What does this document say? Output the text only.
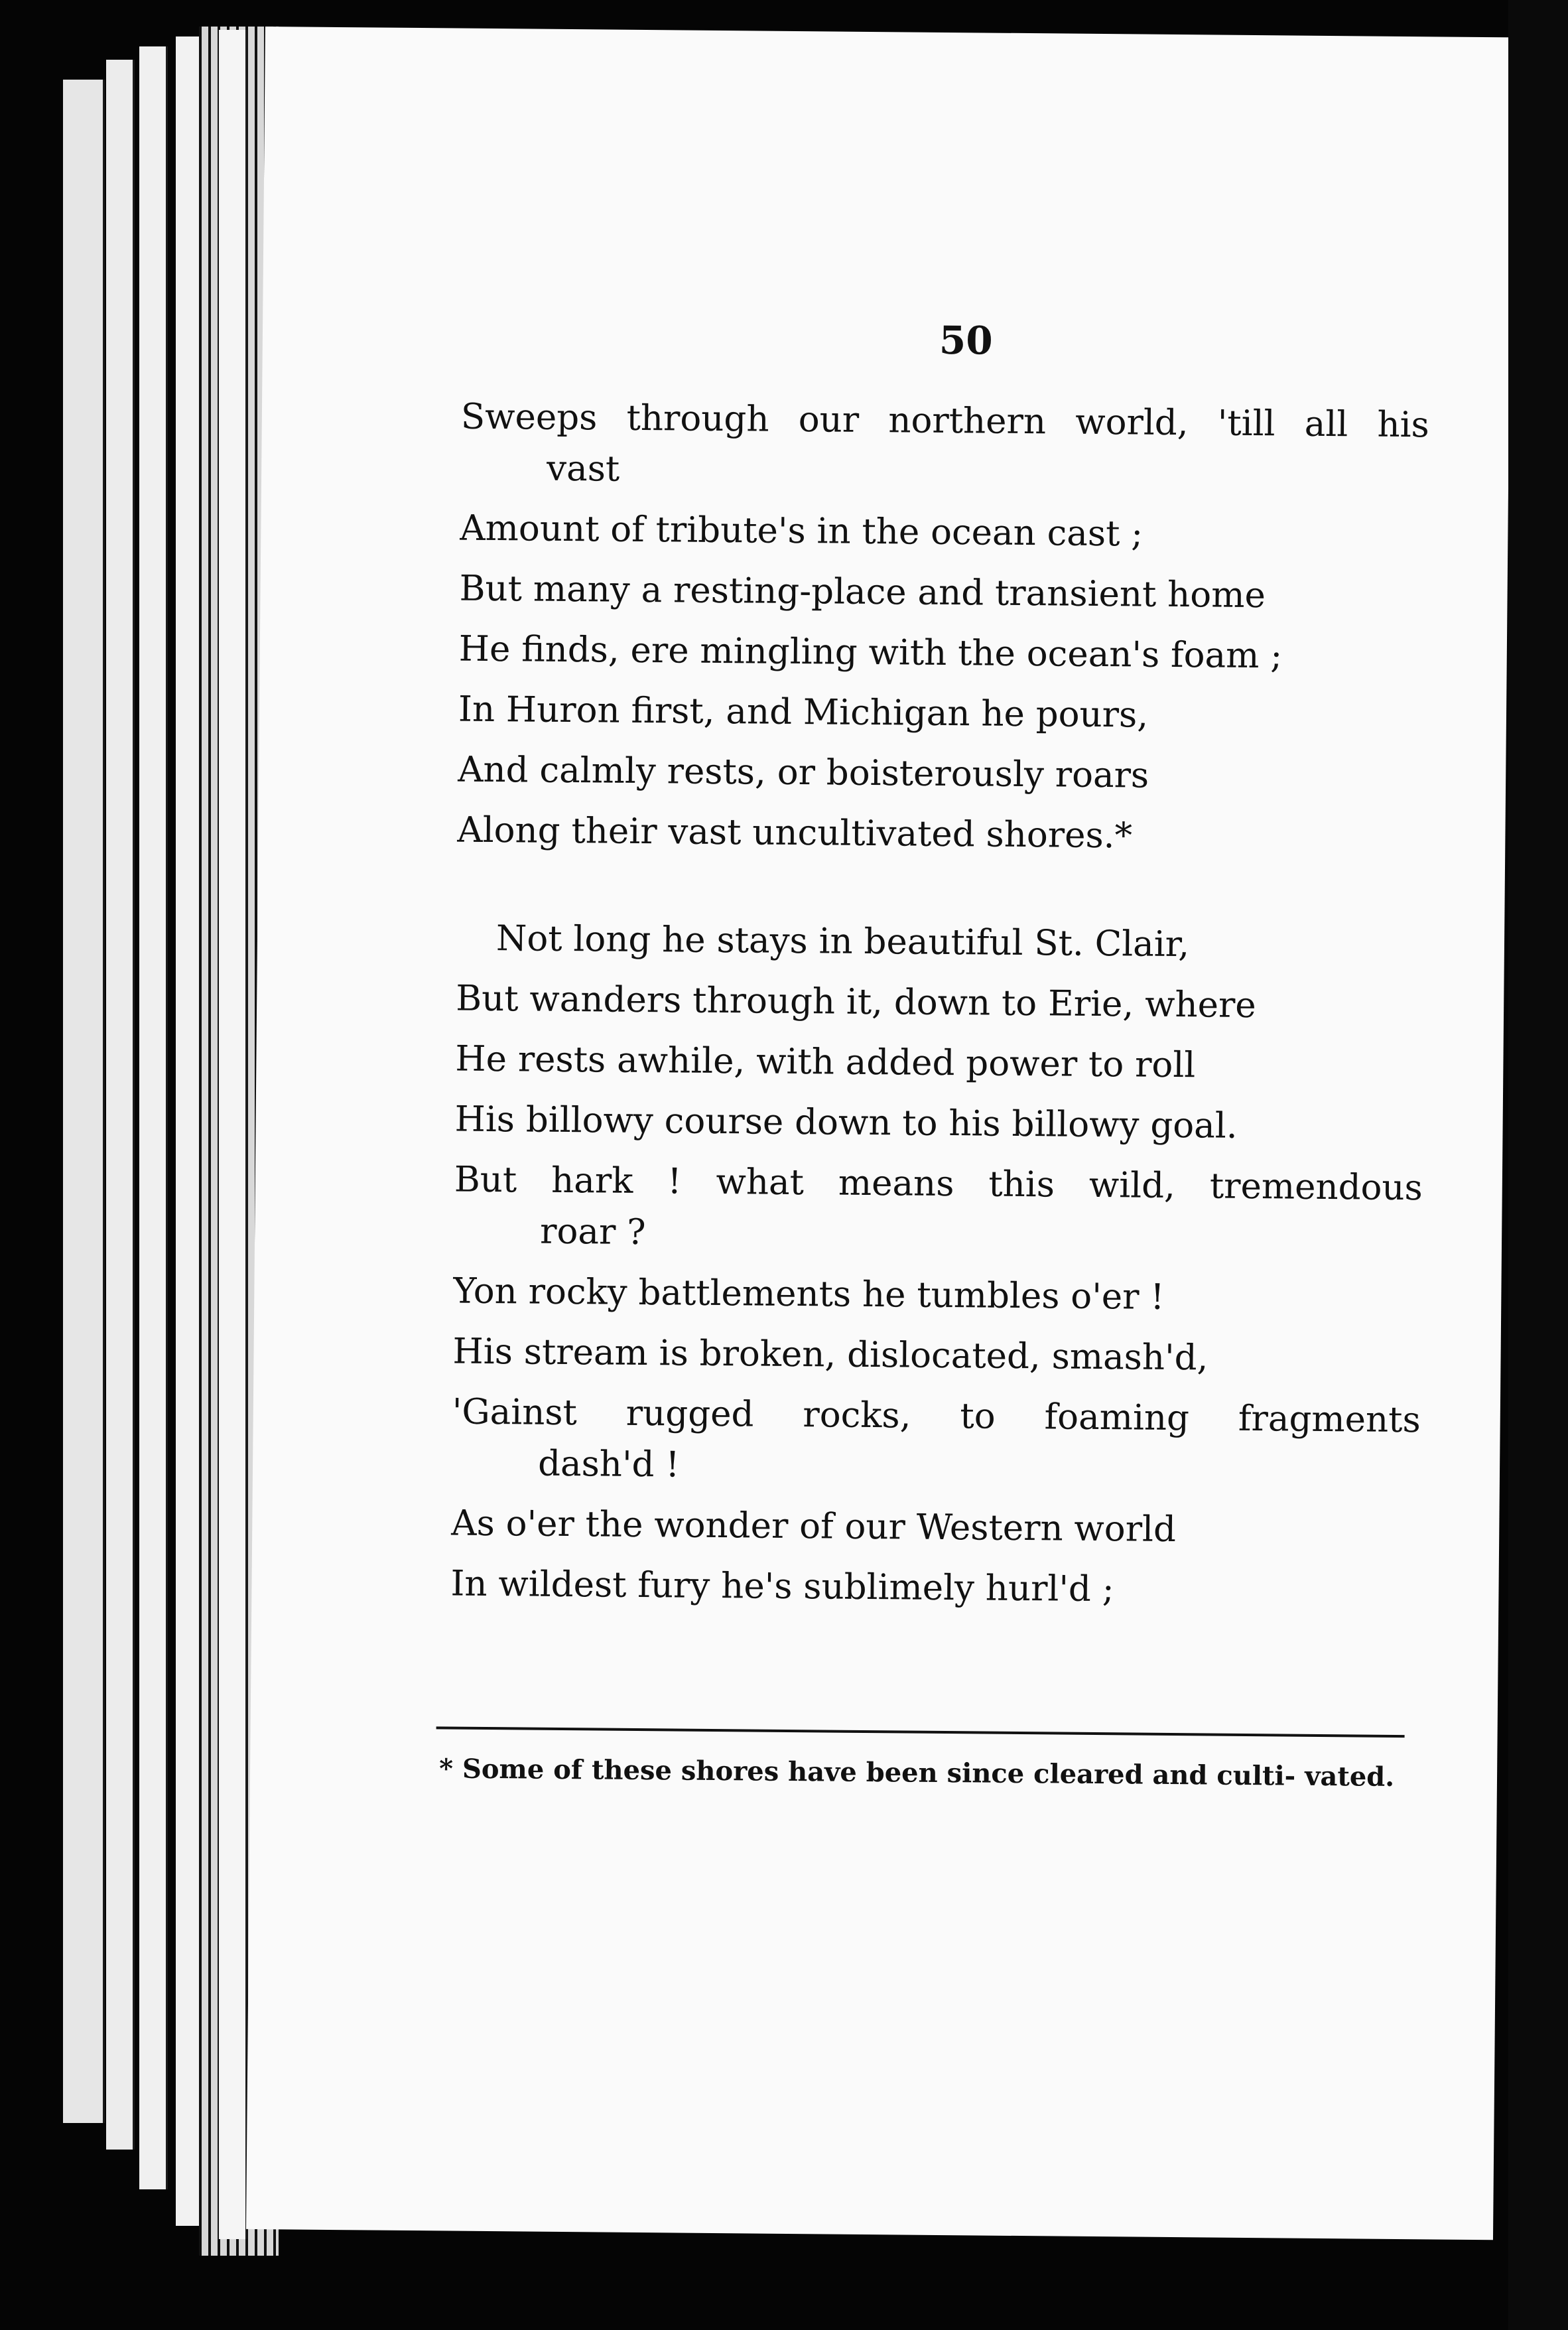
50
Sweeps through our northern world, 'till all his
vast
Amount of tribute's in the ocean cast ;
But many a resting-place and transient home
He finds, ere mingling with the ocean's foam ;
In Huron first, and Michigan he pours,
And calmly rests, or boisterously roars
Along their vast uncultivated shores.*
Not long he stays in beautiful St. Clair,
But wanders through it, down to Erie, where
He rests awhile, with added power to roll
His billowy course down to his billowy goal.
But hark ! what means this wild, tremendous
roar ?
Yon rocky battlements he tumbles o'er !
His stream is broken, dislocated, smash'd,
'Gainst rugged rocks, to foaming fragments
dash'd !
As o'er the wonder of our Western world
In wildest fury he's sublimely hurl'd ;
* Some of these shores have been since cleared and culti- vated.
